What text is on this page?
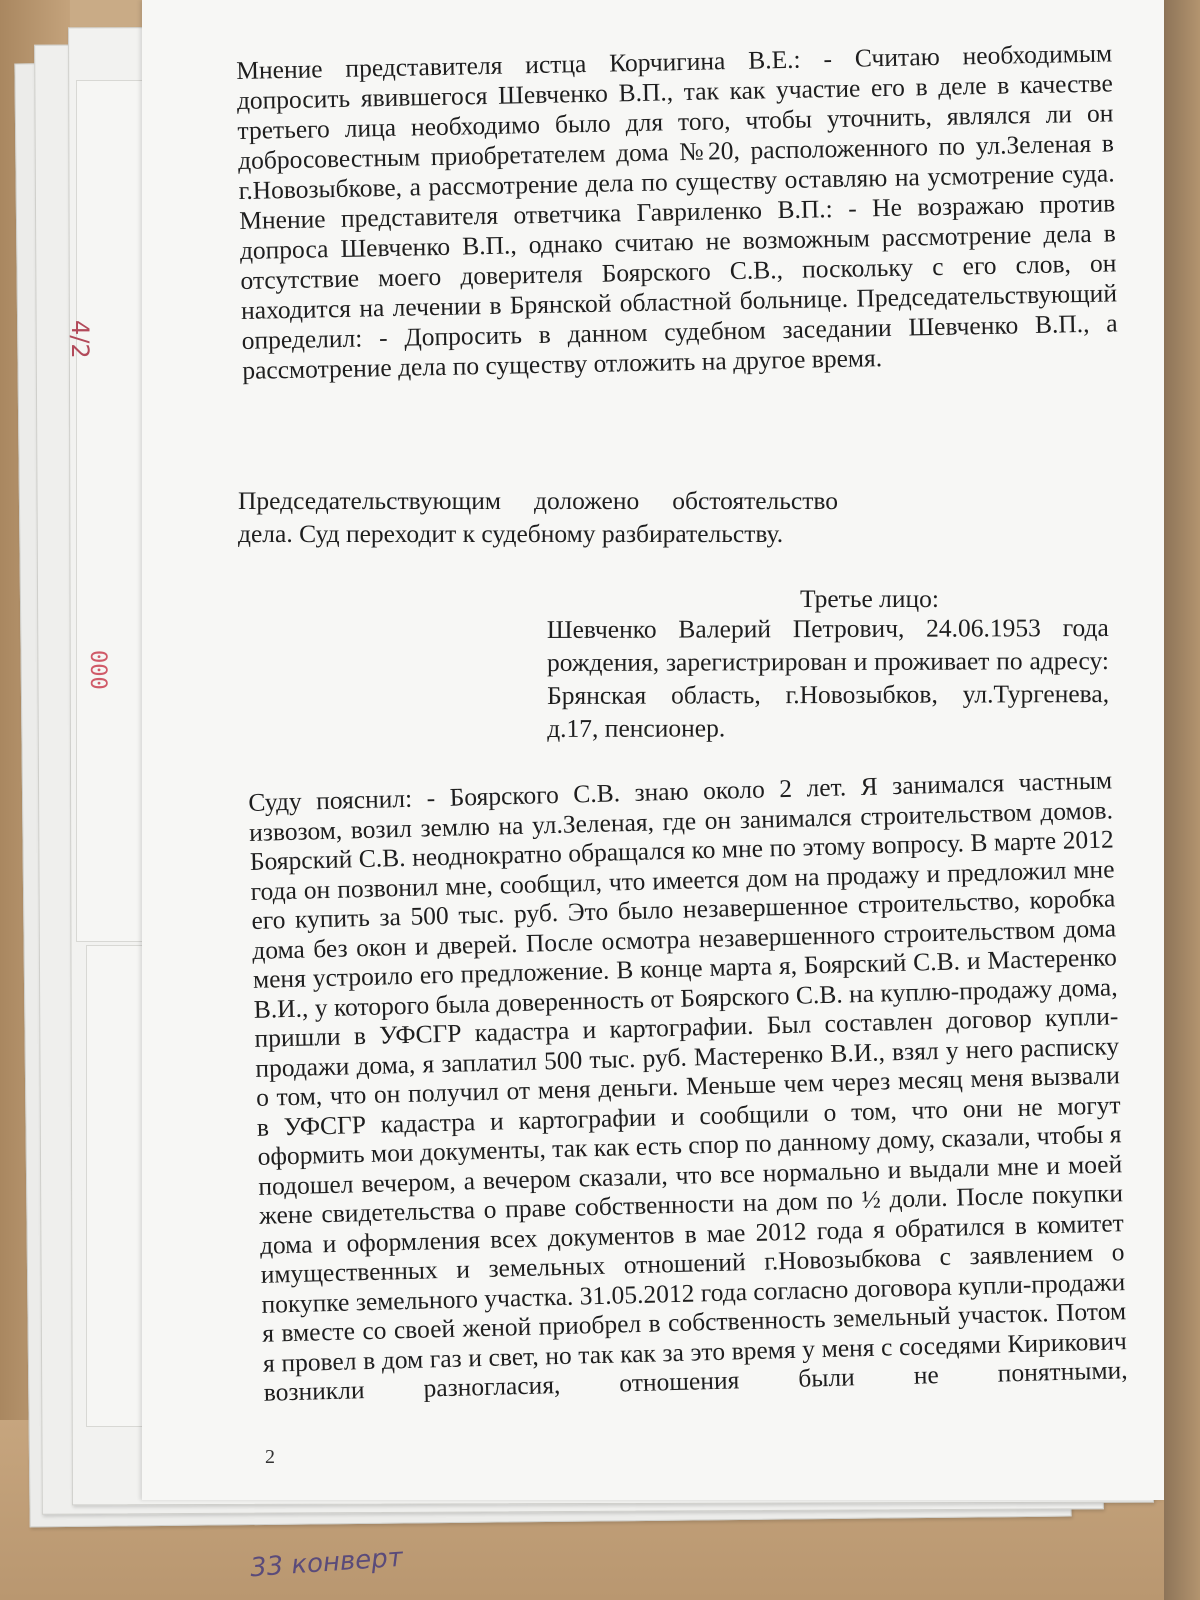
4/2
000

Мнение представителя истца Корчигина В.Е.: - Считаю необходимым допросить явившегося Шевченко В.П., так как участие его в деле в качестве третьего лица необходимо было для того, чтобы уточнить, являлся ли он добросовестным приобретателем дома №20, расположенного по ул.Зеленая в г.Новозыбкове, а рассмотрение дела по существу оставляю на усмотрение суда. Мнение представителя ответчика Гавриленко В.П.: - Не возражаю против допроса Шевченко В.П., однако считаю не возможным рассмотрение дела в отсутствие моего доверителя Боярского С.В., поскольку с его слов, он находится на лечении в Брянской областной больнице. Председательствующий определил: - Допросить в данном судебном заседании Шевченко В.П., а рассмотрение дела по существу отложить на другое время.

Председательствующим доложено обстоятельство дела. Суд переходит к судебному разбирательству.

Третье лицо:

Шевченко Валерий Петрович, 24.06.1953 года рождения, зарегистрирован и проживает по адресу: Брянская область, г.Новозыбков, ул.Тургенева, д.17, пенсионер.

Суду пояснил: - Боярского С.В. знаю около 2 лет. Я занимался частным извозом, возил землю на ул.Зеленая, где он занимался строительством домов. Боярский С.В. неоднократно обращался ко мне по этому вопросу. В марте 2012 года он позвонил мне, сообщил, что имеется дом на продажу и предложил мне его купить за 500 тыс. руб. Это было незавершенное строительство, коробка дома без окон и дверей. После осмотра незавершенного строительством дома меня устроило его предложение. В конце марта я, Боярский С.В. и Мастеренко В.И., у которого была доверенность от Боярского С.В. на куплю-продажу дома, пришли в УФСГР кадастра и картографии. Был составлен договор купли-продажи дома, я заплатил 500 тыс. руб. Мастеренко В.И., взял у него расписку о том, что он получил от меня деньги. Меньше чем через месяц меня вызвали в УФСГР кадастра и картографии и сообщили о том, что они не могут оформить мои документы, так как есть спор по данному дому, сказали, чтобы я подошел вечером, а вечером сказали, что все нормально и выдали мне и моей жене свидетельства о праве собственности на дом по ½ доли. После покупки дома и оформления всех документов в мае 2012 года я обратился в комитет имущественных и земельных отношений г.Новозыбкова с заявлением о покупке земельного участка. 31.05.2012 года согласно договора купли-продажи я вместе со своей женой приобрел в собственность земельный участок. Потом я провел в дом газ и свет, но так как за это время у меня с соседями Кирикович возникли разногласия, отношения были не понятными,

2
33 конверт
